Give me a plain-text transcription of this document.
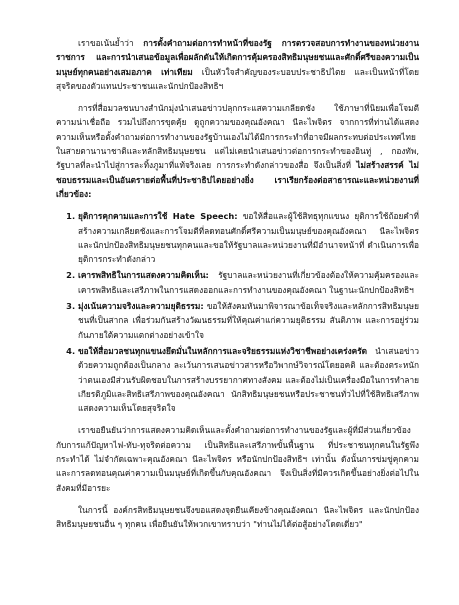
เราขอเน้นย้ำว่า การตั้งคำถามต่อการทำหน้าที่ของรัฐ การตรวจสอบการทำงานของหน่วยงานราชการ และการนำเสนอข้อมูลเพื่อผลักดันให้เกิดการคุ้มครองสิทธิมนุษยชนและศักดิ์ศรีของความเป็นมนุษย์ทุกคนอย่างเสมอภาค เท่าเทียม เป็นหัวใจสำคัญของระบอบประชาธิปไตย และเป็นหน้าที่โดยสุจริตของตัวแทนประชาชนและนักปกป้องสิทธิฯ

การที่สื่อมวลชนบางสำนักมุ่งนำเสนอข่าวปลุกกระแสความเกลียดชัง ใช้ภาษาที่นิยมเพื่อโจมตีความน่าเชื่อถือ รวมไปถึงการขุดคุ้ย ดูถูกความของคุณอังคณา นีละไพจิตร จากการที่ท่านได้แสดงความเห็นหรือตั้งคำถามต่อการทำงานของรัฐบ้านเองไม่ได้มีการกระทำที่อาจมีผลกระทบต่อประเทศไทยในสายตานานาชาติและหลักสิทธิมนุษยชน แต่ไม่เคยนำเสนอข่าวต่อการกระทำของอินทู่ , กองทัพ, รัฐบาลที่ละนำไปสู่การละทิ้งภูมาที่แท้จริงเลย การกระทำดังกล่าวของสื่อ จึงเป็นสิ่งที่ ไม่สร้างสรรค์ ไม่ชอบธรรมและเป็นอันตรายต่อพื้นที่ประชาธิปไตยอย่างยิ่ง เราเรียกร้องต่อสาธารณะและหน่วยงานที่เกี่ยวข้อง:

1. ยุติการคุกคามและการใช้ Hate Speech: ขอให้สื่อและผู้ใช้สิทธุทุกแขนง ยุติการใช้ถ้อยคำที่สร้างความเกลียดชังและการโจมตีที่ลดทอนศักดิ์ศรีความเป็นมนุษย์ของคุณอังคณา นีละไพจิตร และนักปกป้องสิทธิมนุษยชนทุกคนและขอให้รัฐบาลและหน่วยงานที่มีอำนาจหน้าที่ ดำเนินการเพื่อยุติการกระทำดังกล่าว
2. เคารพสิทธิในการแสดงความคิดเห็น: รัฐบาลและหน่วยงานที่เกี่ยวข้องต้องให้ความคุ้มครองและเคารพสิทธิและเสรีภาพในการแสดงออกและการทำงานของคุณอังคณา ในฐานะนักปกป้องสิทธิฯ
3. มุ่งเน้นความจริงและความยุติธรรม: ขอให้สังคมหันมาพิจารณาข้อเท็จจริงและหลักการสิทธิมนุษยชนที่เป็นสากล เพื่อร่วมกันสร้างวัฒนธรรมที่ให้คุณค่าแก่ความยุติธรรม สันติภาพ และการอยู่ร่วมกันภายใต้ความแตกต่างอย่างเข้าใจ
4. ขอให้สื่อมวลชนทุกแขนงยึดมั่นในหลักการและจริยธรรมแห่งวิชาชีพอย่างเคร่งครัด นำเสนอข่าวด้วยความถูกต้องเป็นกลาง ละเว้นการเสนอข่าวสารหรือวิพากษ์วิจารณ์โดยอคติ และต้องตระหนักว่าตนเองมีส่วนรับผิดชอบในการสร้างบรรยากาศทางสังคม และต้องไม่เป็นเครื่องมือในการทำลายเกียรติภูมิและสิทธิเสรีภาพของคุณอังคณา นักสิทธิมนุษยชนหรือประชาชนทั่วไปที่ใช้สิทธิเสรีภาพแสดงความเห็นโดยสุจริตใจ

เราขอยืนยันว่าการแสดงความคิดเห็นและตั้งคำถามต่อการทำงานของรัฐและผู้ที่มีส่วนเกี่ยวข้องกับการแก้ปัญหาไฟ-ทับ-ทุจริตต่อความ เป็นสิทธิและเสรีภาพขั้นพื้นฐาน ที่ประชาชนทุกคนในรัฐพึงกระทำได้ ไม่จำกัดเฉพาะคุณอังคณา นีละไพจิตร หรือนักปกป้องสิทธิฯ เท่านั้น ดังนั้นการข่มขู่คุกคาม และการลดทอนคุณค่าความเป็นมนุษย์ที่เกิดขึ้นกับคุณอังคณา จึงเป็นสิ่งที่มีควรเกิดขึ้นอย่างยิ่งต่อไปในสังคมที่มีอารยะ

ในการนี้ องค์กรสิทธิมนุษยชนจึงขอแสดงจุดยืนเคียงข้างคุณอังคณา นีละไพจิตร และนักปกป้องสิทธิมนุษยชนอื่น ๆ ทุกคน เพื่อยืนยันให้พวกเขาทราบว่า "ท่านไม่ได้ต่อสู้อย่างโดดเดี่ยว"
